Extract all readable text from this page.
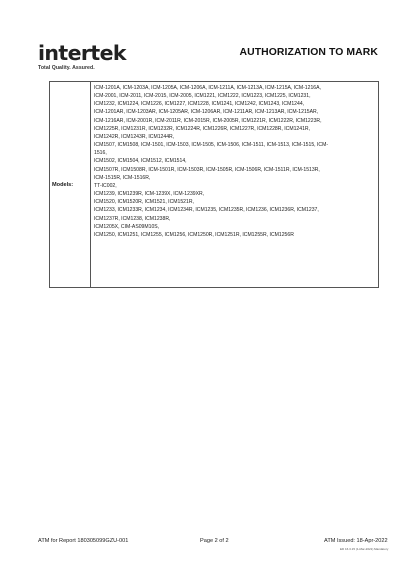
intertek
Total Quality. Assured.
AUTHORIZATION TO MARK
Models:
ICM-1201A, ICM-1203A, ICM-1205A, ICM-1206A, ICM-1211A, ICM-1213A, ICM-1215A, ICM-1216A,
ICM-2001, ICM-2011, ICM-2015, ICM-2005, ICM1221, ICM1222, ICM1223, ICM1225, ICM1231,
ICM1232, ICM1224, ICM1226, ICM1227, ICM1228, ICM1241, ICM1242, ICM1243, ICM1244,
ICM-1201AR, ICM-1203AR, ICM-1205AR, ICM-1206AR, ICM-1211AR, ICM-1213AR, ICM-1215AR,
ICM-1216AR, ICM-2001R, ICM-2011R, ICM-2015R, ICM-2005R, ICM1221R, ICM1222R, ICM1223R,
ICM1225R, ICM1231R, ICM1232R, ICM1224R, ICM1226R, ICM1227R, ICM1228R, ICM1241R,
ICM1242R, ICM1243R, ICM1244R,
ICM1507, ICM1508, ICM-1501, ICM-1503, ICM-1505, ICM-1506, ICM-1511, ICM-1513, ICM-1515, ICM-
1516,
ICM1502, ICM1504, ICM1512, ICM1514,
ICM1507R, ICM1508R, ICM-1501R, ICM-1503R, ICM-1505R, ICM-1506R, ICM-1511R, ICM-1513R,
ICM-1515R, ICM-1516R,
TT-IC002,
ICM1239, ICM1239R, ICM-1239X, ICM-1239XR,
ICM1520, ICM1520R, ICM1521, ICM1521R,
ICM1233, ICM1233R, ICM1234, ICM1234R, ICM1235, ICM1235R, ICM1236, ICM1236R, ICM1237,
ICM1237R, ICM1238, ICM1238R,
ICM1205X, CIM-AS09M10S,
ICM1250, ICM1251, ICM1255, ICM1256, ICM1250R, ICM1251R, ICM1255R, ICM1256R
ATM for Report 180305099GZU-001	Page 2 of 2	ATM Issued: 18-Apr-2022
ED 16.3.15 (1-Mar-2021) Mandatory
